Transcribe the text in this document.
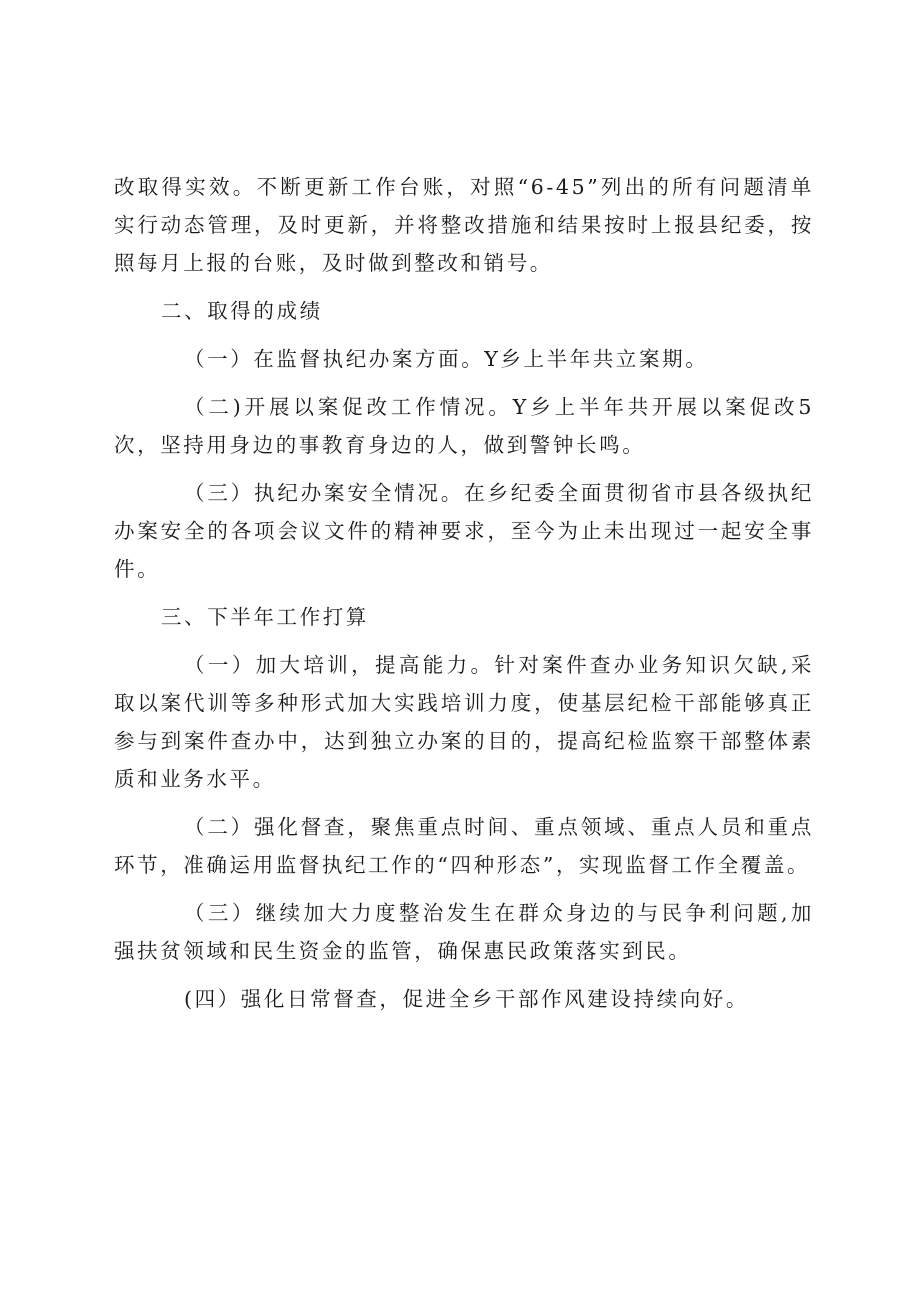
改取得实效。不断更新工作台账，对照“6-45”列出的所有问题清单实行动态管理，及时更新，并将整改措施和结果按时上报县纪委，按照每月上报的台账，及时做到整改和销号。

二、取得的成绩

（一）在监督执纪办案方面。Y乡上半年共立案期。

（二)开展以案促改工作情况。Y乡上半年共开展以案促改5次，坚持用身边的事教育身边的人，做到警钟长鸣。

（三）执纪办案安全情况。在乡纪委全面贯彻省市县各级执纪办案安全的各项会议文件的精神要求，至今为止未出现过一起安全事件。

三、下半年工作打算

（一）加大培训，提高能力。针对案件查办业务知识欠缺,采取以案代训等多种形式加大实践培训力度，使基层纪检干部能够真正参与到案件查办中，达到独立办案的目的，提高纪检监察干部整体素质和业务水平。

（二）强化督查，聚焦重点时间、重点领域、重点人员和重点环节，准确运用监督执纪工作的“四种形态”，实现监督工作全覆盖。

（三）继续加大力度整治发生在群众身边的与民争利问题,加强扶贫领域和民生资金的监管，确保惠民政策落实到民。

(四）强化日常督查，促进全乡干部作风建设持续向好。
